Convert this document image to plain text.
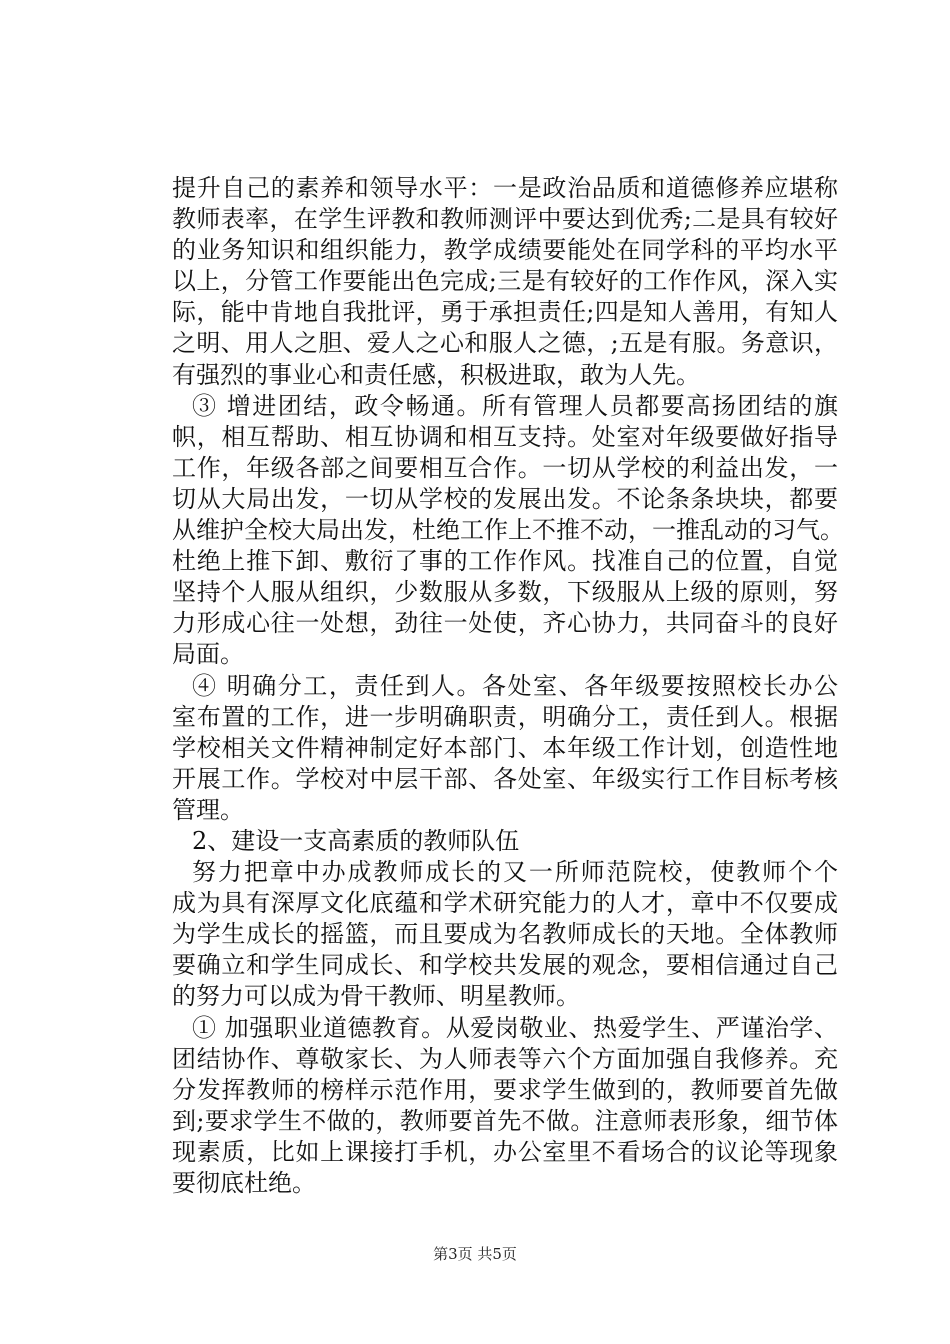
提升自己的素养和领导水平：一是政治品质和道德修养应堪称
教师表率，在学生评教和教师测评中要达到优秀;二是具有较好
的业务知识和组织能力，教学成绩要能处在同学科的平均水平
以上，分管工作要能出色完成;三是有较好的工作作风，深入实
际，能中肯地自我批评，勇于承担责任;四是知人善用，有知人
之明、用人之胆、爱人之心和服人之德，;五是有服。务意识，
有强烈的事业心和责任感，积极进取，敢为人先。
③ 增进团结，政令畅通。所有管理人员都要高扬团结的旗
帜，相互帮助、相互协调和相互支持。处室对年级要做好指导
工作，年级各部之间要相互合作。一切从学校的利益出发，一
切从大局出发，一切从学校的发展出发。不论条条块块，都要
从维护全校大局出发，杜绝工作上不推不动，一推乱动的习气。
杜绝上推下卸、敷衍了事的工作作风。找准自己的位置，自觉
坚持个人服从组织，少数服从多数，下级服从上级的原则，努
力形成心往一处想，劲往一处使，齐心协力，共同奋斗的良好
局面。
④ 明确分工，责任到人。各处室、各年级要按照校长办公
室布置的工作，进一步明确职责，明确分工，责任到人。根据
学校相关文件精神制定好本部门、本年级工作计划，创造性地
开展工作。学校对中层干部、各处室、年级实行工作目标考核
管理。
2、建设一支高素质的教师队伍
努力把章中办成教师成长的又一所师范院校，使教师个个
成为具有深厚文化底蕴和学术研究能力的人才，章中不仅要成
为学生成长的摇篮，而且要成为名教师成长的天地。全体教师
要确立和学生同成长、和学校共发展的观念，要相信通过自己
的努力可以成为骨干教师、明星教师。
① 加强职业道德教育。从爱岗敬业、热爱学生、严谨治学、
团结协作、尊敬家长、为人师表等六个方面加强自我修养。充
分发挥教师的榜样示范作用，要求学生做到的，教师要首先做
到;要求学生不做的，教师要首先不做。注意师表形象，细节体
现素质，比如上课接打手机，办公室里不看场合的议论等现象
要彻底杜绝。
第3页 共5页
